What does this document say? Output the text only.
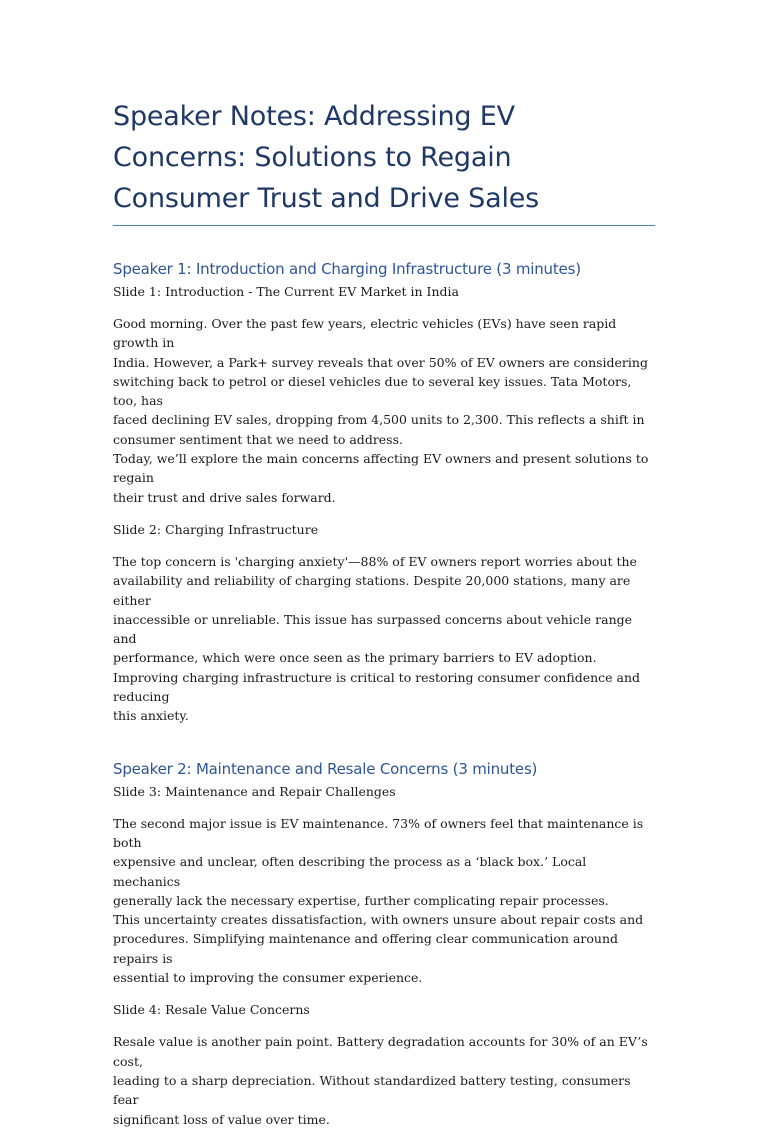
Speaker Notes: Addressing EV
Concerns: Solutions to Regain
Consumer Trust and Drive Sales
Speaker 1: Introduction and Charging Infrastructure (3 minutes)

Slide 1: Introduction - The Current EV Market in India

Good morning. Over the past few years, electric vehicles (EVs) have seen rapid growth in
India. However, a Park+ survey reveals that over 50% of EV owners are considering
switching back to petrol or diesel vehicles due to several key issues. Tata Motors, too, has
faced declining EV sales, dropping from 4,500 units to 2,300. This reflects a shift in
consumer sentiment that we need to address.
Today, we’ll explore the main concerns affecting EV owners and present solutions to regain
their trust and drive sales forward.

Slide 2: Charging Infrastructure

The top concern is 'charging anxiety'—88% of EV owners report worries about the
availability and reliability of charging stations. Despite 20,000 stations, many are either
inaccessible or unreliable. This issue has surpassed concerns about vehicle range and
performance, which were once seen as the primary barriers to EV adoption.
Improving charging infrastructure is critical to restoring consumer confidence and reducing
this anxiety.

Speaker 2: Maintenance and Resale Concerns (3 minutes)

Slide 3: Maintenance and Repair Challenges

The second major issue is EV maintenance. 73% of owners feel that maintenance is both
expensive and unclear, often describing the process as a ‘black box.’ Local mechanics
generally lack the necessary expertise, further complicating repair processes.
This uncertainty creates dissatisfaction, with owners unsure about repair costs and
procedures. Simplifying maintenance and offering clear communication around repairs is
essential to improving the consumer experience.

Slide 4: Resale Value Concerns

Resale value is another pain point. Battery degradation accounts for 30% of an EV’s cost,
leading to a sharp depreciation. Without standardized battery testing, consumers fear
significant loss of value over time.
